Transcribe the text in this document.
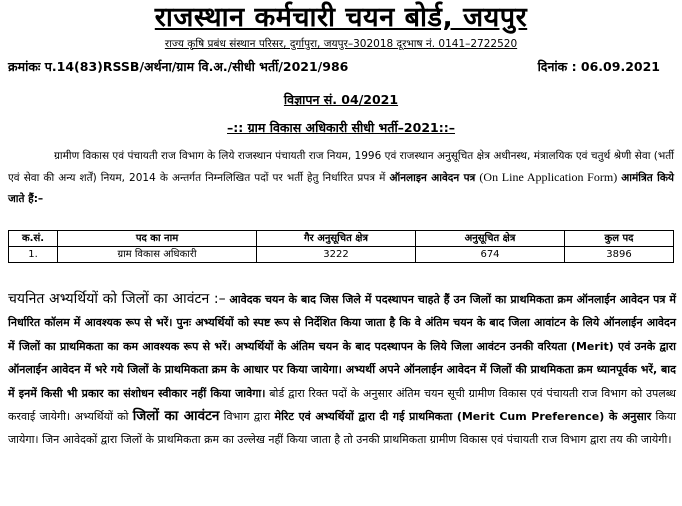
राजस्थान कर्मचारी चयन बोर्ड, जयपुर
राज्य कृषि प्रबंध संस्थान परिसर, दुर्गापुरा, जयपुर–302018 दूरभाष नं. 0141–2722520
क्रमांकः प.14(83)RSSB/अर्थना/ग्राम वि.अ./सीधी भर्ती/2021/986	दिनांक : 06.09.2021
विज्ञापन सं. 04/2021
–:: ग्राम विकास अधिकारी सीधी भर्ती–2021::–
ग्रामीण विकास एवं पंचायती राज विभाग के लिये राजस्थान पंचायती राज नियम, 1996 एवं राजस्थान अनुसूचित क्षेत्र अधीनस्थ, मंत्रालयिक एवं चतुर्थ श्रेणी सेवा (भर्ती एवं सेवा की अन्य शर्तें) नियम, 2014 के अन्तर्गत निम्नलिखित पदों पर भर्ती हेतु निर्धारित प्रपत्र में ऑनलाइन आवेदन पत्र (On Line Application Form) आमंत्रित किये जाते हैं:–
क.सं.	पद का नाम	गैर अनुसूचित क्षेत्र	अनुसूचित क्षेत्र	कुल पद
1.	ग्राम विकास अधिकारी	3222	674	3896
चयनित अभ्यर्थियों को जिलों का आवंटन :– आवेदक चयन के बाद जिस जिले में पदस्थापन चाहते हैं उन जिलों का प्राथमिकता क्रम ऑनलाईन आवेदन पत्र में निर्धारित कॉलम में आवश्यक रूप से भरें। पुनः अभ्यर्थियों को स्पष्ट रूप से निर्देशित किया जाता है कि वे अंतिम चयन के बाद जिला आवांटन के लिये ऑनलाईन आवेदन में जिलों का प्राथमिकता का कम आवश्यक रूप से भरें। अभ्यर्थियों के अंतिम चयन के बाद पदस्थापन के लिये जिला आवंटन उनकी वरियता (Merit) एवं उनके द्वारा ऑनलाईन आवेदन में भरे गये जिलों के प्राथमिकता क्रम के आधार पर किया जायेगा। अभ्यर्थी अपने ऑनलाईन आवेदन में जिलों की प्राथमिकता क्रम ध्यानपूर्वक भरें, बाद में इनमें किसी भी प्रकार का संशोधन स्वीकार नहीं किया जावेगा। बोर्ड द्वारा रिक्त पदों के अनुसार अंतिम चयन सूची ग्रामीण विकास एवं पंचायती राज विभाग को उपलब्ध करवाई जायेगी। अभ्यर्थियों को जिलों का आवंटन विभाग द्वारा मेरिट एवं अभ्यर्थियों द्वारा दी गई प्राथमिकता (Merit Cum Preference) के अनुसार किया जायेगा। जिन आवेदकों द्वारा जिलों के प्राथमिकता क्रम का उल्लेख नहीं किया जाता है तो उनकी प्राथमिकता ग्रामीण विकास एवं पंचायती राज विभाग द्वारा तय की जायेगी।
